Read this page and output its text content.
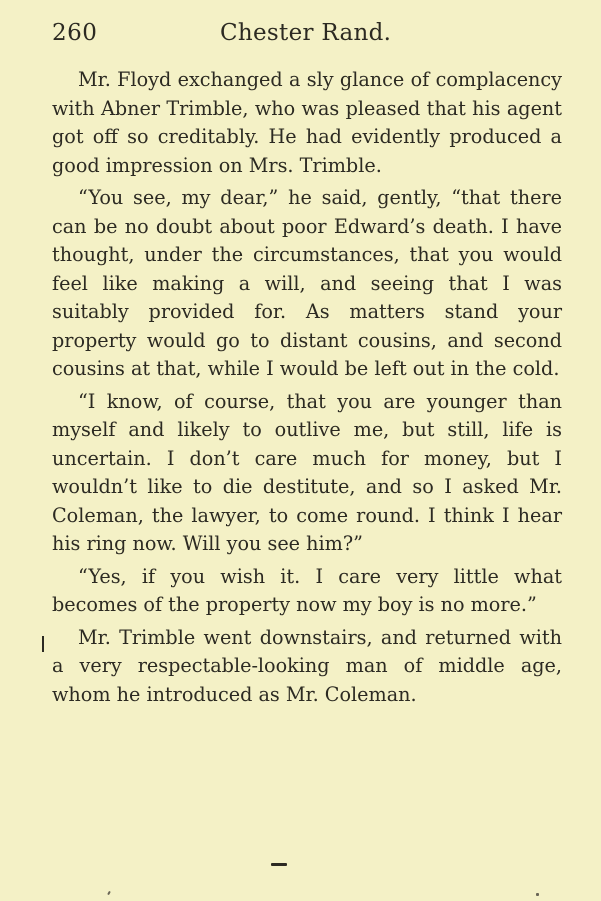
260	Chester Rand.

Mr. Floyd exchanged a sly glance of complacency with Abner Trimble, who was pleased that his agent got off so creditably. He had evidently produced a good impression on Mrs. Trimble.

“You see, my dear,” he said, gently, “that there can be no doubt about poor Edward’s death. I have thought, under the circumstances, that you would feel like making a will, and seeing that I was suitably provided for. As matters stand your property would go to distant cousins, and second cousins at that, while I would be left out in the cold.

“I know, of course, that you are younger than myself and likely to outlive me, but still, life is uncertain. I don’t care much for money, but I wouldn’t like to die destitute, and so I asked Mr. Coleman, the lawyer, to come round. I think I hear his ring now. Will you see him?”

“Yes, if you wish it. I care very little what becomes of the property now my boy is no more.”

Mr. Trimble went downstairs, and returned with a very respectable-looking man of middle age, whom he introduced as Mr. Coleman.
